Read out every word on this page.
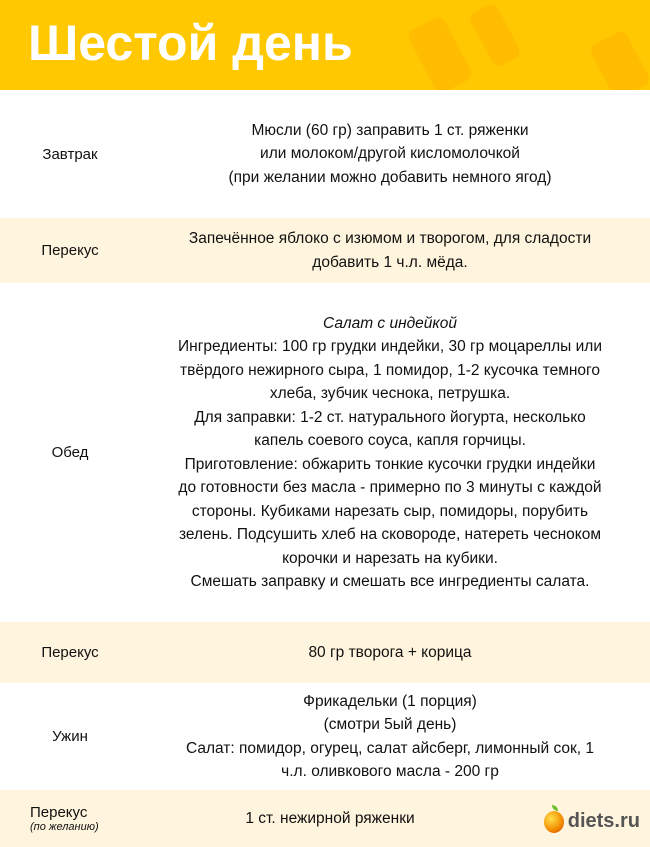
Шестой день
Завтрак
Мюсли (60 гр) заправить 1 ст. ряженки
или молоком/другой кисломолочкой
(при желании можно добавить немного ягод)
Перекус
Запечённое яблоко с изюмом и творогом, для сладости
добавить 1 ч.л. мёда.
Обед
Салат с индейкой
Ингредиенты: 100 гр грудки индейки, 30 гр моцареллы или
твёрдого нежирного сыра, 1 помидор, 1-2 кусочка темного
хлеба, зубчик чеснока, петрушка.
Для заправки: 1-2 ст. натурального йогурта, несколько
капель соевого соуса, капля горчицы.
Приготовление: обжарить тонкие кусочки грудки индейки
до готовности без масла - примерно по 3 минуты с каждой
стороны. Кубиками нарезать сыр, помидоры, порубить
зелень. Подсушить хлеб на сковороде, натереть чесноком
корочки и нарезать на кубики.
Смешать заправку и смешать все ингредиенты салата.
Перекус	80 гр творога + корица
Ужин
Фрикадельки (1 порция)
(смотри 5ый день)
Салат: помидор, огурец, салат айсберг, лимонный сок, 1
ч.л. оливкового масла - 200 гр
Перекус
(по желанию)
1 ст. нежирной ряженки	diets.ru
